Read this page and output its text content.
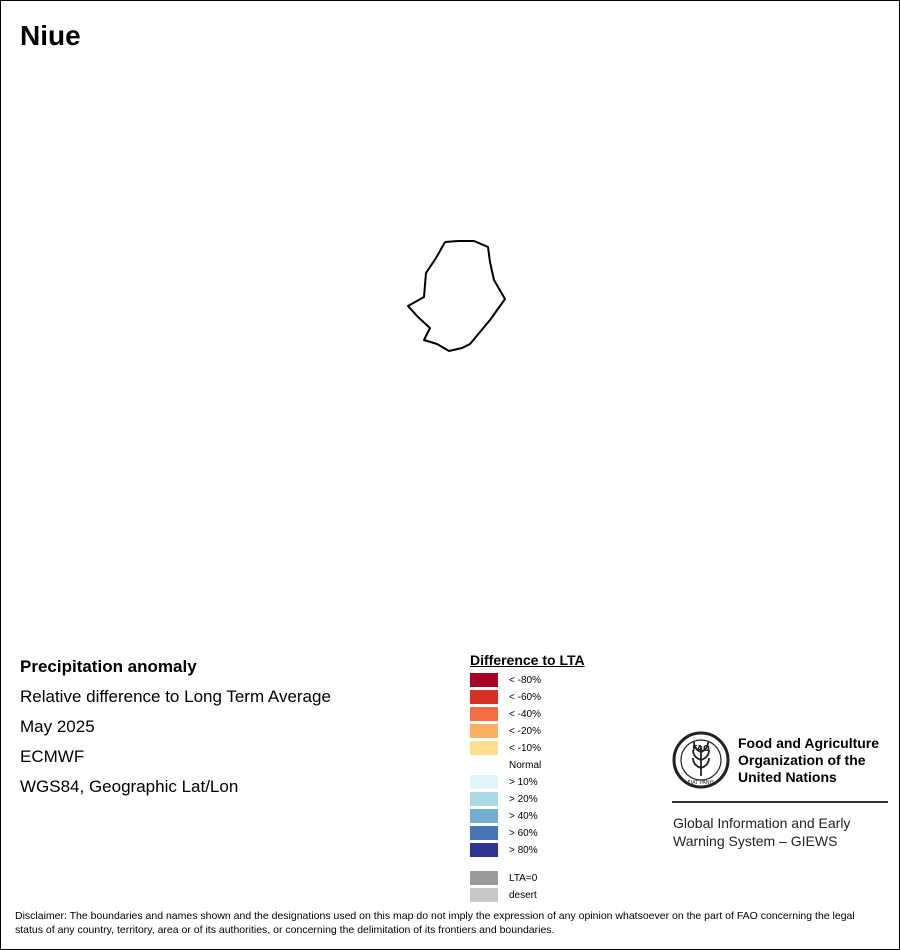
Niue
Precipitation anomaly
Relative difference to Long Term Average
May 2025
ECMWF
WGS84, Geographic Lat/Lon
Difference to LTA
< -80%
< -60%
< -40%
< -20%
< -10%
Normal
> 10%
> 20%
> 40%
> 60%
> 80%
LTA=0
desert
FAO
FIAT PANIS
Food and Agriculture Organization of the United Nations
Global Information and Early Warning System – GIEWS
Disclaimer: The boundaries and names shown and the designations used on this map do not imply the expression of any opinion whatsoever on the part of FAO concerning the legal status of any country, territory, area or of its authorities, or concerning the delimitation of its frontiers and boundaries.
